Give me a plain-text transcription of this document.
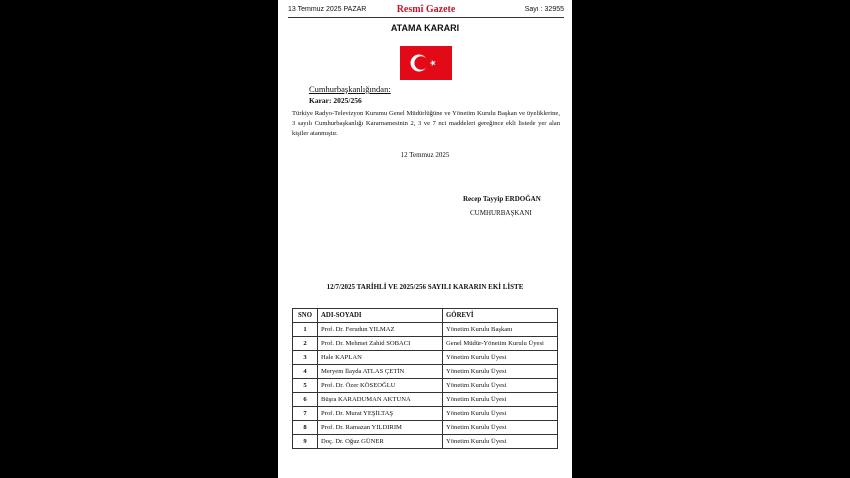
13 Temmuz 2025 PAZAR	Resmî Gazete	Sayı : 32955
ATAMA KARARI
Cumhurbaşkanlığından:
Karar: 2025/256
Türkiye Radyo-Televizyon Kurumu Genel Müdürlüğüne ve Yönetim Kurulu Başkan ve üyeliklerine, 3 sayılı Cumhurbaşkanlığı Kararnamesinin 2, 3 ve 7 nci maddeleri gereğince ekli listede yer alan kişiler atanmıştır.
12 Temmuz 2025
Recep Tayyip ERDOĞAN
CUMHURBAŞKANI
12/7/2025 TARİHLİ VE 2025/256 SAYILI KARARIN EKİ LİSTE
SNO	ADI-SOYADI	GÖREVİ
1	Prof. Dr. Ferudun YILMAZ	Yönetim Kurulu Başkanı
2	Prof. Dr. Mehmet Zahid SOBACI	Genel Müdür-Yönetim Kurulu Üyesi
3	Hale KAPLAN	Yönetim Kurulu Üyesi
4	Meryem İlayda ATLAS ÇETİN	Yönetim Kurulu Üyesi
5	Prof. Dr. Özer KÖSEOĞLU	Yönetim Kurulu Üyesi
6	Büşra KARADUMAN AKTUNA	Yönetim Kurulu Üyesi
7	Prof. Dr. Murat YEŞİLTAŞ	Yönetim Kurulu Üyesi
8	Prof. Dr. Ramazan YILDIRIM	Yönetim Kurulu Üyesi
9	Doç. Dr. Oğuz GÜNER	Yönetim Kurulu Üyesi
